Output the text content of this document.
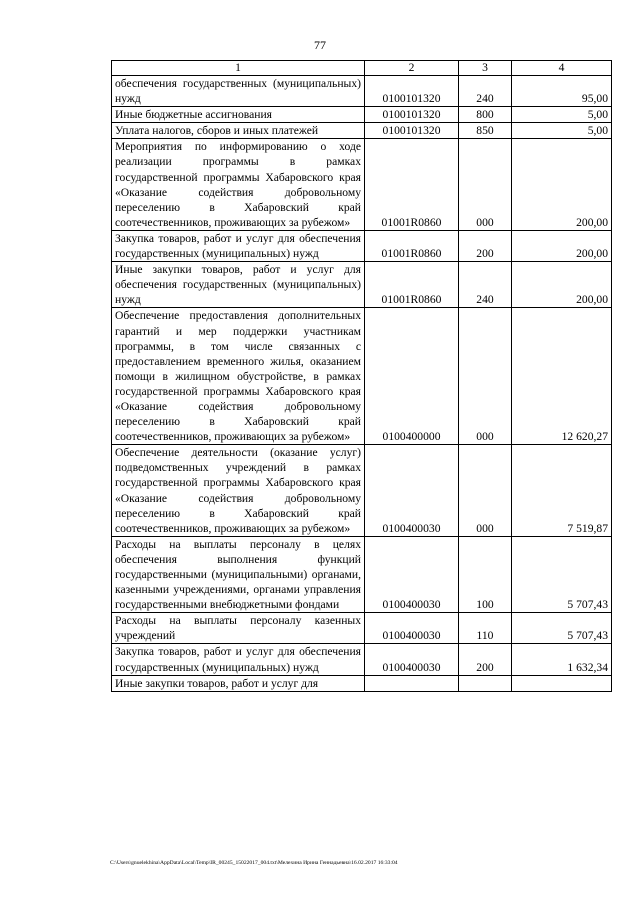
77
1	2	3	4
обеспечения государственных (муниципальных) нужд	0100101320	240	95,00
Иные бюджетные ассигнования	0100101320	800	5,00
Уплата налогов, сборов и иных платежей	0100101320	850	5,00
Мероприятия по информированию о ходе реализации программы в рамках государственной программы Хабаровского края «Оказание содействия добровольному переселению в Хабаровский край соотечественников, проживающих за рубежом»	01001R0860	000	200,00
Закупка товаров, работ и услуг для обеспечения государственных (муниципальных) нужд	01001R0860	200	200,00
Иные закупки товаров, работ и услуг для обеспечения государственных (муниципальных) нужд	01001R0860	240	200,00
Обеспечение предоставления дополнительных гарантий и мер поддержки участникам программы, в том числе связанных с предоставлением временного жилья, оказанием помощи в жилищном обустройстве, в рамках государственной программы Хабаровского края «Оказание содействия добровольному переселению в Хабаровский край соотечественников, проживающих за рубежом»	0100400000	000	12 620,27
Обеспечение деятельности (оказание услуг) подведомственных учреждений в рамках государственной программы Хабаровского края «Оказание содействия добровольному переселению в Хабаровский край соотечественников, проживающих за рубежом»	0100400030	000	7 519,87
Расходы на выплаты персоналу в целях обеспечения выполнения функций государственными (муниципальными) органами, казенными учреждениями, органами управления государственными внебюджетными фондами	0100400030	100	5 707,43
Расходы на выплаты персоналу казенных учреждений	0100400030	110	5 707,43
Закупка товаров, работ и услуг для обеспечения государственных (муниципальных) нужд	0100400030	200	1 632,34
Иные закупки товаров, работ и услуг для			
C:\Users\gnuelekhina\AppData\Local\Temp\IR_00245_15022017_004.txt\Мелехина Ирина Геннадьевна\16.02.2017 16:33:04
